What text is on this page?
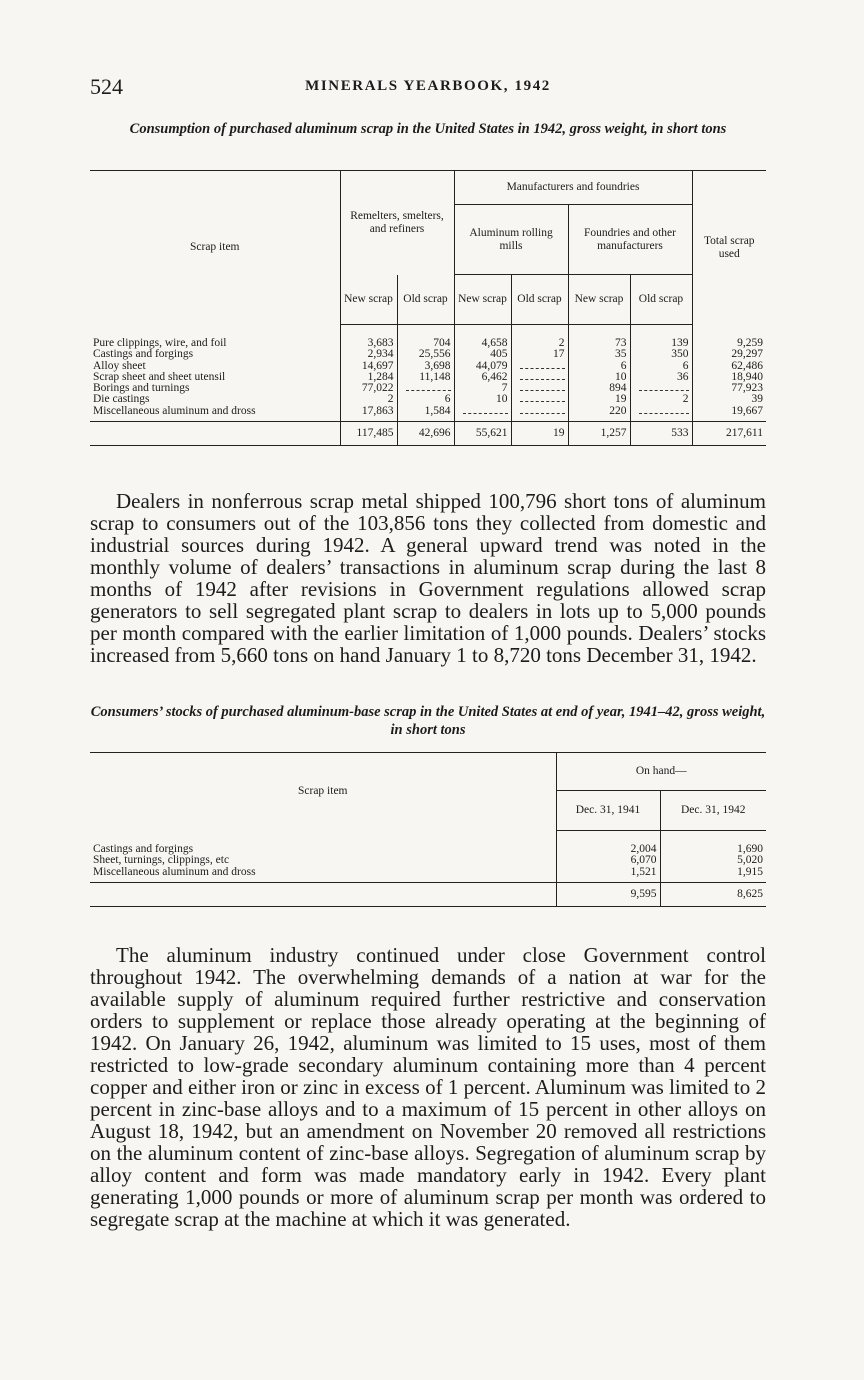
524	MINERALS YEARBOOK, 1942
Consumption of purchased aluminum scrap in the United States in 1942, gross weight, in short tons
Scrap item	Remelters, smelters, and refiners		Manufacturers and foundries				Total scrap used
			Aluminum rolling mills		Foundries and other manufacturers		
	New scrap	Old scrap	New scrap	Old scrap	New scrap	Old scrap	
Pure clippings, wire, and foil	3,683	704	4,658	2	73	139	9,259
Castings and forgings	2,934	25,556	405	17	35	350	29,297
Alloy sheet	14,697	3,698	44,079		6	6	62,486
Scrap sheet and sheet utensil	1,284	11,148	6,462		10	36	18,940
Borings and turnings	77,022		7		894		77,923
Die castings	2	6	10		19	2	39
Miscellaneous aluminum and dross	17,863	1,584			220		19,667
	117,485	42,696	55,621	19	1,257	533	217,611

Dealers in nonferrous scrap metal shipped 100,796 short tons of aluminum scrap to consumers out of the 103,856 tons they collected from domestic and industrial sources during 1942. A general upward trend was noted in the monthly volume of dealers’ transactions in aluminum scrap during the last 8 months of 1942 after revisions in Government regulations allowed scrap generators to sell segregated plant scrap to dealers in lots up to 5,000 pounds per month compared with the earlier limitation of 1,000 pounds. Dealers’ stocks increased from 5,660 tons on hand January 1 to 8,720 tons December 31, 1942.

Consumers’ stocks of purchased aluminum-base scrap in the United States at end of year, 1941–42, gross weight, in short tons
Scrap item	On hand—	
	Dec. 31, 1941	Dec. 31, 1942
Castings and forgings	2,004	1,690
Sheet, turnings, clippings, etc	6,070	5,020
Miscellaneous aluminum and dross	1,521	1,915
	9,595	8,625

The aluminum industry continued under close Government control throughout 1942. The overwhelming demands of a nation at war for the available supply of aluminum required further restrictive and conservation orders to supplement or replace those already operating at the beginning of 1942. On January 26, 1942, aluminum was limited to 15 uses, most of them restricted to low-grade secondary aluminum containing more than 4 percent copper and either iron or zinc in excess of 1 percent. Aluminum was limited to 2 percent in zinc-base alloys and to a maximum of 15 percent in other alloys on August 18, 1942, but an amendment on November 20 removed all restrictions on the aluminum content of zinc-base alloys. Segregation of aluminum scrap by alloy content and form was made mandatory early in 1942. Every plant generating 1,000 pounds or more of aluminum scrap per month was ordered to segregate scrap at the machine at which it was generated.
